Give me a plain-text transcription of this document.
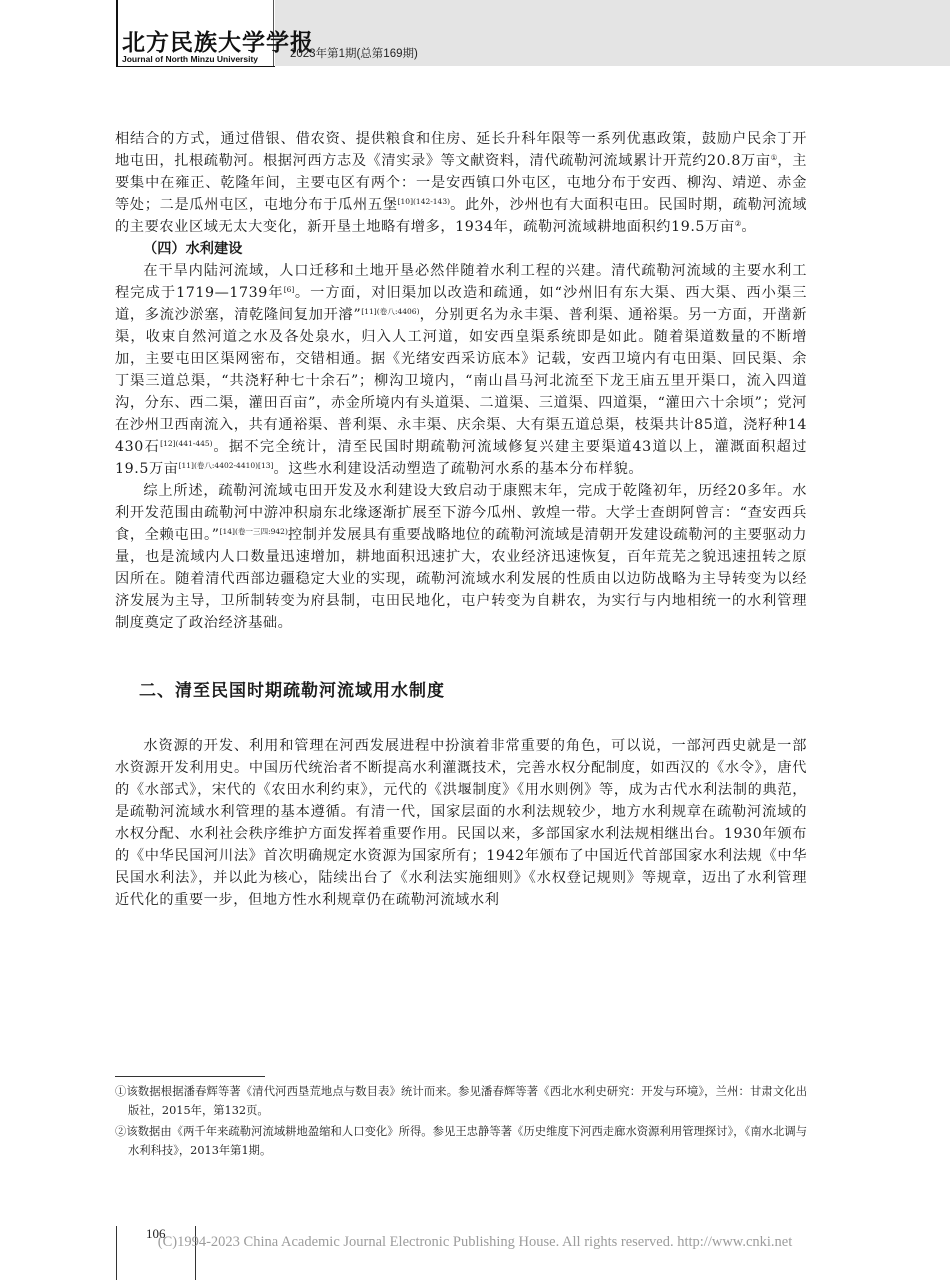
北方民族大学学报
Journal of North Minzu University	2023年第1期(总第169期)

相结合的方式，通过借银、借农资、提供粮食和住房、延长升科年限等一系列优惠政策，鼓励户民余丁开地屯田，扎根疏勒河。根据河西方志及《清实录》等文献资料，清代疏勒河流域累计开荒约20.8万亩①，主要集中在雍正、乾隆年间，主要屯区有两个：一是安西镇口外屯区，屯地分布于安西、柳沟、靖逆、赤金等处；二是瓜州屯区，屯地分布于瓜州五堡$^{[10](142-143)}$。此外，沙州也有大面积屯田。民国时期，疏勒河流域的主要农业区域无太大变化，新开垦土地略有增多，1934年，疏勒河流域耕地面积约19.5万亩②。

（四）水利建设

在干旱内陆河流域，人口迁移和土地开垦必然伴随着水利工程的兴建。清代疏勒河流域的主要水利工程完成于1719—1739年[6]。一方面，对旧渠加以改造和疏通，如“沙州旧有东大渠、西大渠、西小渠三道，多流沙淤塞，清乾隆间复加开濬”$^{[11](卷八:4406)}$，分别更名为永丰渠、普利渠、通裕渠。另一方面，开凿新渠，收束自然河道之水及各处泉水，归入人工河道，如安西皇渠系统即是如此。随着渠道数量的不断增加，主要屯田区渠网密布，交错相通。据《光绪安西采访底本》记载，安西卫境内有屯田渠、回民渠、余丁渠三道总渠，“共浇籽种七十余石”；柳沟卫境内，“南山昌马河北流至下龙王庙五里开渠口，流入四道沟，分东、西二渠，灌田百亩”，赤金所境内有头道渠、二道渠、三道渠、四道渠，“灌田六十余顷”；党河在沙州卫西南流入，共有通裕渠、普利渠、永丰渠、庆余渠、大有渠五道总渠，枝渠共计85道，浇籽种14 430石$^{[12](441-445)}$。据不完全统计，清至民国时期疏勒河流域修复兴建主要渠道43道以上，灌溉面积超过19.5万亩[11](卷八:4402-4410)[13]。这些水利建设活动塑造了疏勒河水系的基本分布样貌。

综上所述，疏勒河流域屯田开发及水利建设大致启动于康熙末年，完成于乾隆初年，历经20多年。水利开发范围由疏勒河中游冲积扇东北缘逐渐扩展至下游今瓜州、敦煌一带。大学士查朗阿曾言：“查安西兵食，全赖屯田。”$^{[14](卷一三四:942)}$控制并发展具有重要战略地位的疏勒河流域是清朝开发建设疏勒河的主要驱动力量，也是流域内人口数量迅速增加，耕地面积迅速扩大，农业经济迅速恢复，百年荒芜之貌迅速扭转之原因所在。随着清代西部边疆稳定大业的实现，疏勒河流域水利发展的性质由以边防战略为主导转变为以经济发展为主导，卫所制转变为府县制，屯田民地化，屯户转变为自耕农，为实行与内地相统一的水利管理制度奠定了政治经济基础。

二、清至民国时期疏勒河流域用水制度

水资源的开发、利用和管理在河西发展进程中扮演着非常重要的角色，可以说，一部河西史就是一部水资源开发利用史。中国历代统治者不断提高水利灌溉技术，完善水权分配制度，如西汉的《水令》，唐代的《水部式》，宋代的《农田水利约束》，元代的《洪堰制度》《用水则例》等，成为古代水利法制的典范，是疏勒河流域水利管理的基本遵循。有清一代，国家层面的水利法规较少，地方水利规章在疏勒河流域的水权分配、水利社会秩序维护方面发挥着重要作用。民国以来，多部国家水利法规相继出台。1930年颁布的《中华民国河川法》首次明确规定水资源为国家所有；1942年颁布了中国近代首部国家水利法规《中华民国水利法》，并以此为核心，陆续出台了《水利法实施细则》《水权登记规则》等规章，迈出了水利管理近代化的重要一步，但地方性水利规章仍在疏勒河流域水利

①该数据根据潘春辉等著《清代河西垦荒地点与数目表》统计而来。参见潘春辉等著《西北水利史研究：开发与环境》，兰州：甘肃文化出版社，2015年，第132页。

②该数据由《两千年来疏勒河流域耕地盈缩和人口变化》所得。参见王忠静等著《历史维度下河西走廊水资源利用管理探讨》，《南水北调与水利科技》，2013年第1期。

106
(C)1994-2023 China Academic Journal Electronic Publishing House. All rights reserved. http://www.cnki.net
